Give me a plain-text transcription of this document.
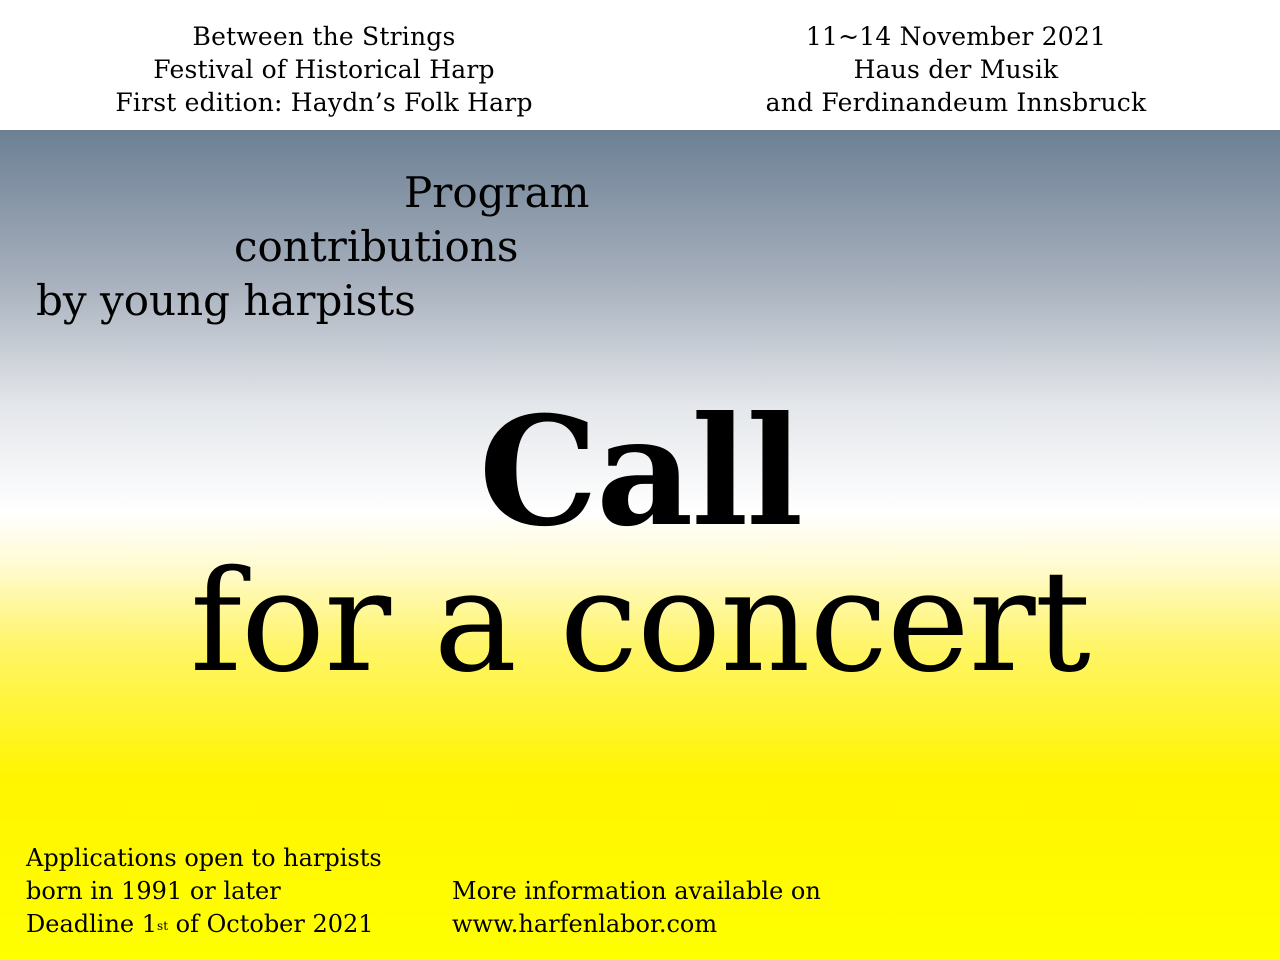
Between the Strings
Festival of Historical Harp
First edition: Haydn’s Folk Harp
11~14 November 2021
Haus der Musik
and Ferdinandeum Innsbruck
Program
contributions
by young harpists
Call
for a concert
Applications open to harpists
born in 1991 or later
Deadline 1st of October 2021
More information available on
www.harfenlabor.com
